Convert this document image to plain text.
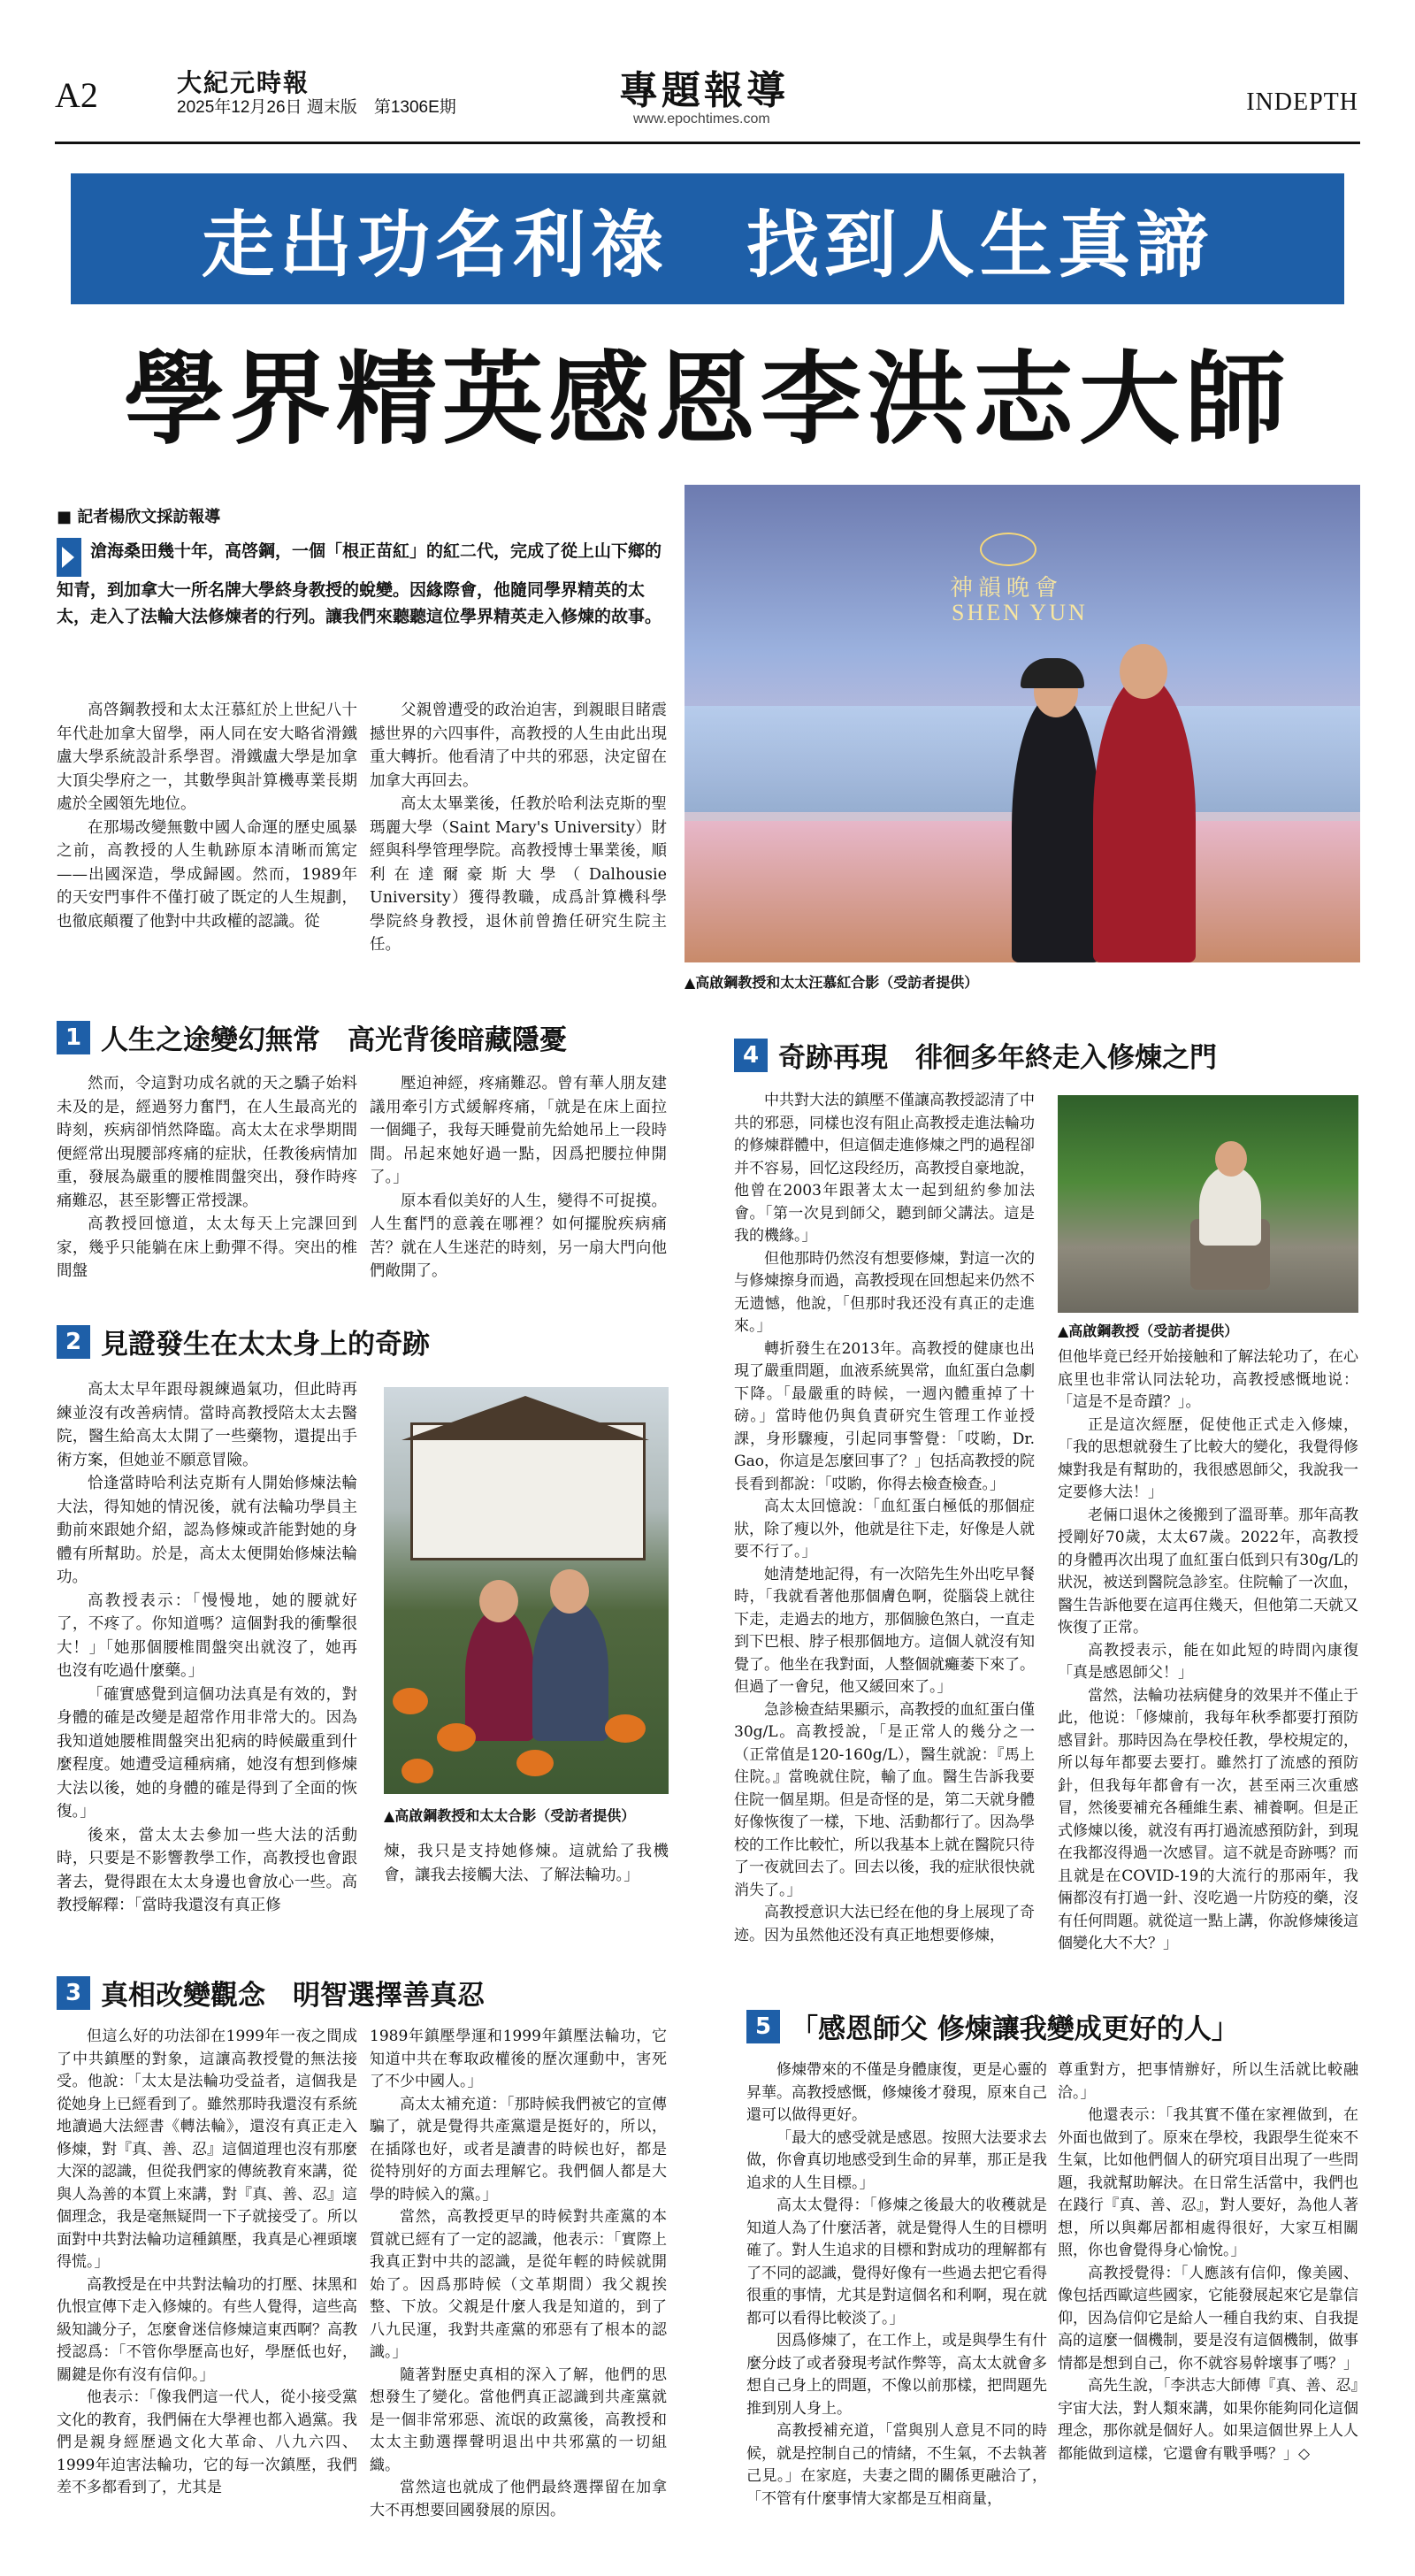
A2	大紀元時報
2025年12月26日 週末版　第1306E期	專題報導
www.epochtimes.com
INDEPTH
走出功名利祿　找到人生真諦
學界精英感恩李洪志大師
■ 記者楊欣文採訪報導
滄海桑田幾十年，高啓鋼，一個「根正苗紅」的紅二代，完成了從上山下鄉的知青，到加拿大一所名牌大學終身教授的蛻變。因緣際會，他隨同學界精英的太太，走入了法輪大法修煉者的行列。讓我們來聽聽這位學界精英走入修煉的故事。

高啓鋼教授和太太汪慕紅於上世紀八十年代赴加拿大留學，兩人同在安大略省滑鐵盧大學系統設計系學習。滑鐵盧大學是加拿大頂尖學府之一，其數學與計算機專業長期處於全國領先地位。

在那場改變無數中國人命運的歷史風暴之前，高教授的人生軌跡原本清晰而篤定——出國深造，學成歸國。然而，1989年的天安門事件不僅打破了既定的人生規劃，也徹底顛覆了他對中共政權的認識。從

父親曾遭受的政治迫害，到親眼目睹震撼世界的六四事件，高教授的人生由此出現重大轉折。他看清了中共的邪惡，決定留在加拿大再回去。

高太太畢業後，任教於哈利法克斯的聖瑪麗大學（Saint Mary's University）財經與科學管理學院。高教授博士畢業後，順利在達爾豪斯大學（Dalhousie University）獲得教職，成爲計算機科學學院終身教授，退休前曾擔任研究生院主任。

神韻晚會
SHEN YUN
▲高啟鋼教授和太太汪慕紅合影（受訪者提供）
1 人生之途變幻無常　高光背後暗藏隱憂

然而，令這對功成名就的天之驕子始料未及的是，經過努力奮鬥，在人生最高光的時刻，疾病卻悄然降臨。高太太在求學期間便經常出現腰部疼痛的症狀，任教後病情加重，發展為嚴重的腰椎間盤突出，發作時疼痛難忍，甚至影響正常授課。

高教授回憶道，太太每天上完課回到家，幾乎只能躺在床上動彈不得。突出的椎間盤

壓迫神經，疼痛難忍。曾有華人朋友建議用牽引方式緩解疼痛，「就是在床上面拉一個繩子，我每天睡覺前先給她吊上一段時間。吊起來她好過一點，因爲把腰拉伸開了。」

原本看似美好的人生，變得不可捉摸。人生奮鬥的意義在哪裡？如何擺脫疾病痛苦？就在人生迷茫的時刻，另一扇大門向他們敞開了。

2 見證發生在太太身上的奇跡

高太太早年跟母親練過氣功，但此時再練並沒有改善病情。當時高教授陪太太去醫院，醫生給高太太開了一些藥物，還提出手術方案，但她並不願意冒險。

恰逢當時哈利法克斯有人開始修煉法輪大法，得知她的情況後，就有法輪功學員主動前來跟她介紹，認為修煉或許能對她的身體有所幫助。於是，高太太便開始修煉法輪功。

高教授表示：「慢慢地，她的腰就好了，不疼了。你知道嗎？這個對我的衝擊很大！」「她那個腰椎間盤突出就沒了，她再也沒有吃過什麼藥。」

「確實感覺到這個功法真是有效的，對身體的確是改變是超常作用非常大的。因為我知道她腰椎間盤突出犯病的時候嚴重到什麼程度。她遭受這種病痛，她沒有想到修煉大法以後，她的身體的確是得到了全面的恢復。」

後來，當太太去參加一些大法的活動時，只要是不影響教學工作，高教授也會跟著去，覺得跟在太太身邊也會放心一些。高教授解釋：「當時我還沒有真正修

▲高啟鋼教授和太太合影（受訪者提供）

煉，我只是支持她修煉。這就給了我機會，讓我去接觸大法、了解法輪功。」

3 真相改變觀念　明智選擇善真忍

但這么好的功法卻在1999年一夜之間成了中共鎮壓的對象，這讓高教授覺的無法接受。他說：「太太是法輪功受益者，這個我是從她身上已經看到了。雖然那時我還沒有系統地讀過大法經書《轉法輪》，還沒有真正走入修煉，對『真、善、忍』這個道理也沒有那麼大深的認識，但從我們家的傳統教育來講，從與人為善的本質上來講，對『真、善、忍』這個理念，我是毫無疑問一下子就接受了。所以面對中共對法輪功這種鎮壓，我真是心裡頭壞得慌。」

高教授是在中共對法輪功的打壓、抹黑和仇恨宣傳下走入修煉的。有些人覺得，這些高級知識分子，怎麼會迷信修煉這東西啊？高教授認爲：「不管你學歷高也好，學歷低也好，關鍵是你有沒有信仰。」

他表示：「像我們這一代人，從小接受黨文化的教育，我們倆在大學裡也都入過黨。我們是親身經歷過文化大革命、八九六四、1999年迫害法輪功，它的每一次鎮壓，我們差不多都看到了，尤其是

1989年鎮壓學運和1999年鎮壓法輪功，它知道中共在奪取政權後的歷次運動中，害死了不少中國人。」

高太太補充道：「那時候我們被它的宣傳騙了，就是覺得共產黨還是挺好的，所以，在插隊也好，或者是讀書的時候也好，都是從特別好的方面去理解它。我們個人都是大學的時候入的黨。」

當然，高教授更早的時候對共產黨的本質就已經有了一定的認識，他表示：「實際上我真正對中共的認識，是從年輕的時候就開始了。因爲那時候（文革期間）我父親挨整、下放。父親是什麼人我是知道的，到了八九民運，我對共產黨的邪惡有了根本的認識。」

隨著對歷史真相的深入了解，他們的思想發生了變化。當他們真正認識到共產黨就是一個非常邪惡、流氓的政黨後，高教授和太太主動選擇聲明退出中共邪黨的一切組織。

當然這也就成了他們最終選擇留在加拿大不再想要回國發展的原因。

4 奇跡再現　徘徊多年終走入修煉之門

中共對大法的鎮壓不僅讓高教授認清了中共的邪惡，同樣也沒有阻止高教授走進法輪功的修煉群體中，但這個走進修煉之門的過程卻并不容易，回忆这段经历，高教授自豪地說，他曾在2003年跟著太太一起到紐約參加法會。「第一次見到師父，聽到師父講法。這是我的機緣。」

但他那時仍然沒有想要修煉，對這一次的与修煉擦身而過，高教授现在回想起来仍然不无遗憾，他說，「但那时我还没有真正的走進來。」

轉折發生在2013年。高教授的健康也出現了嚴重問題，血液系統異常，血紅蛋白急劇下降。「最嚴重的時候，一週內體重掉了十磅。」當時他仍與負責研究生管理工作並授課，身形驟瘦，引起同事警覺：「哎喲，Dr. Gao，你這是怎麼回事了？」包括高教授的院長看到都說：「哎喲，你得去檢查檢查。」

高太太回憶說：「血紅蛋白極低的那個症狀，除了瘦以外，他就是往下走，好像是人就要不行了。」

她清楚地記得，有一次陪先生外出吃早餐時，「我就看著他那個膚色啊，從腦袋上就往下走，走過去的地方，那個臉色煞白，一直走到下巴根、脖子根那個地方。這個人就沒有知覺了。他坐在我對面，人整個就癱萎下來了。但過了一會兒，他又緩回來了。」

急診檢查結果顯示，高教授的血紅蛋白僅30g/L。高教授說，「是正常人的幾分之一（正常值是120-160g/L），醫生就說：『馬上住院。』當晚就住院，輸了血。醫生告訴我要住院一個星期。但是奇怪的是，第二天就身體好像恢復了一樣，下地、活動都行了。因為學校的工作比較忙，所以我基本上就在醫院只待了一夜就回去了。回去以後，我的症狀很快就消失了。」

高教授意识大法已经在他的身上展现了奇迹。因为虽然他还没有真正地想要修煉，

▲高啟鋼教授（受訪者提供）

但他毕竟已经开始接触和了解法轮功了，在心底里也非常认同法轮功，高教授感慨地说：「這是不是奇蹟？」。

正是這次經歷，促使他正式走入修煉，「我的思想就發生了比較大的變化，我覺得修煉對我是有幫助的，我很感恩師父，我說我一定要修大法！」

老倆口退休之後搬到了溫哥華。那年高教授剛好70歲，太太67歲。2022年，高教授的身體再次出現了血紅蛋白低到只有30g/L的狀況，被送到醫院急診室。住院輸了一次血，醫生告訴他要在這再住幾天，但他第二天就又恢復了正常。

高教授表示，能在如此短的時間內康復「真是感恩師父！」

當然，法輪功祛病健身的效果并不僅止于此，他说：「修煉前，我每年秋季都要打預防感冒針。那時因為在學校任教，學校規定的，所以每年都要去要打。雖然打了流感的預防針，但我每年都會有一次，甚至兩三次重感冒，然後要補充各種維生素、補養啊。但是正式修煉以後，就沒有再打過流感預防針，到現在我都沒得過一次感冒。這不就是奇跡嗎？而且就是在COVID-19的大流行的那兩年，我倆都沒有打過一針、沒吃過一片防疫的藥，沒有任何問題。就從這一點上講，你說修煉後這個變化大不大？」

5 「感恩師父 修煉讓我變成更好的人」

修煉帶來的不僅是身體康復，更是心靈的昇華。高教授感慨，修煉後才發現，原來自己還可以做得更好。

「最大的感受就是感恩。按照大法要求去做，你會真切地感受到生命的昇華，那正是我追求的人生目標。」

高太太覺得：「修煉之後最大的收穫就是知道人為了什麼活著，就是覺得人生的目標明確了。對人生追求的目標和對成功的理解都有了不同的認識，覺得好像有一些過去把它看得很重的事情，尤其是對這個名和利啊，現在就都可以看得比較淡了。」

因爲修煉了，在工作上，或是與學生有什麼分歧了或者發現考試作弊等，高太太就會多想自己身上的問題，不像以前那樣，把問題先推到別人身上。

高教授補充道，「當與別人意見不同的時候，就是控制自己的情緒，不生氣，不去執著己見。」在家庭，夫妻之間的關係更融洽了，「不管有什麼事情大家都是互相商量，

尊重對方，把事情辦好，所以生活就比較融洽。」

他還表示：「我其實不僅在家裡做到，在外面也做到了。原來在學校，我跟學生從來不生氣，比如他們個人的研究項目出現了一些問題，我就幫助解決。在日常生活當中，我們也在踐行『真、善、忍』，對人要好，為他人著想，所以與鄰居都相處得很好，大家互相關照，你也會覺得身心愉悅。」

高教授覺得：「人應該有信仰，像美國、像包括西歐這些國家，它能發展起來它是靠信仰，因為信仰它是給人一種自我約束、自我提高的這麼一個機制，要是沒有這個機制，做事情都是想到自己，你不就容易幹壞事了嗎？」

高先生說，「李洪志大師傳『真、善、忍』宇宙大法，對人類來講，如果你能夠同化這個理念，那你就是個好人。如果這個世界上人人都能做到這樣，它還會有戰爭嗎？」◇
